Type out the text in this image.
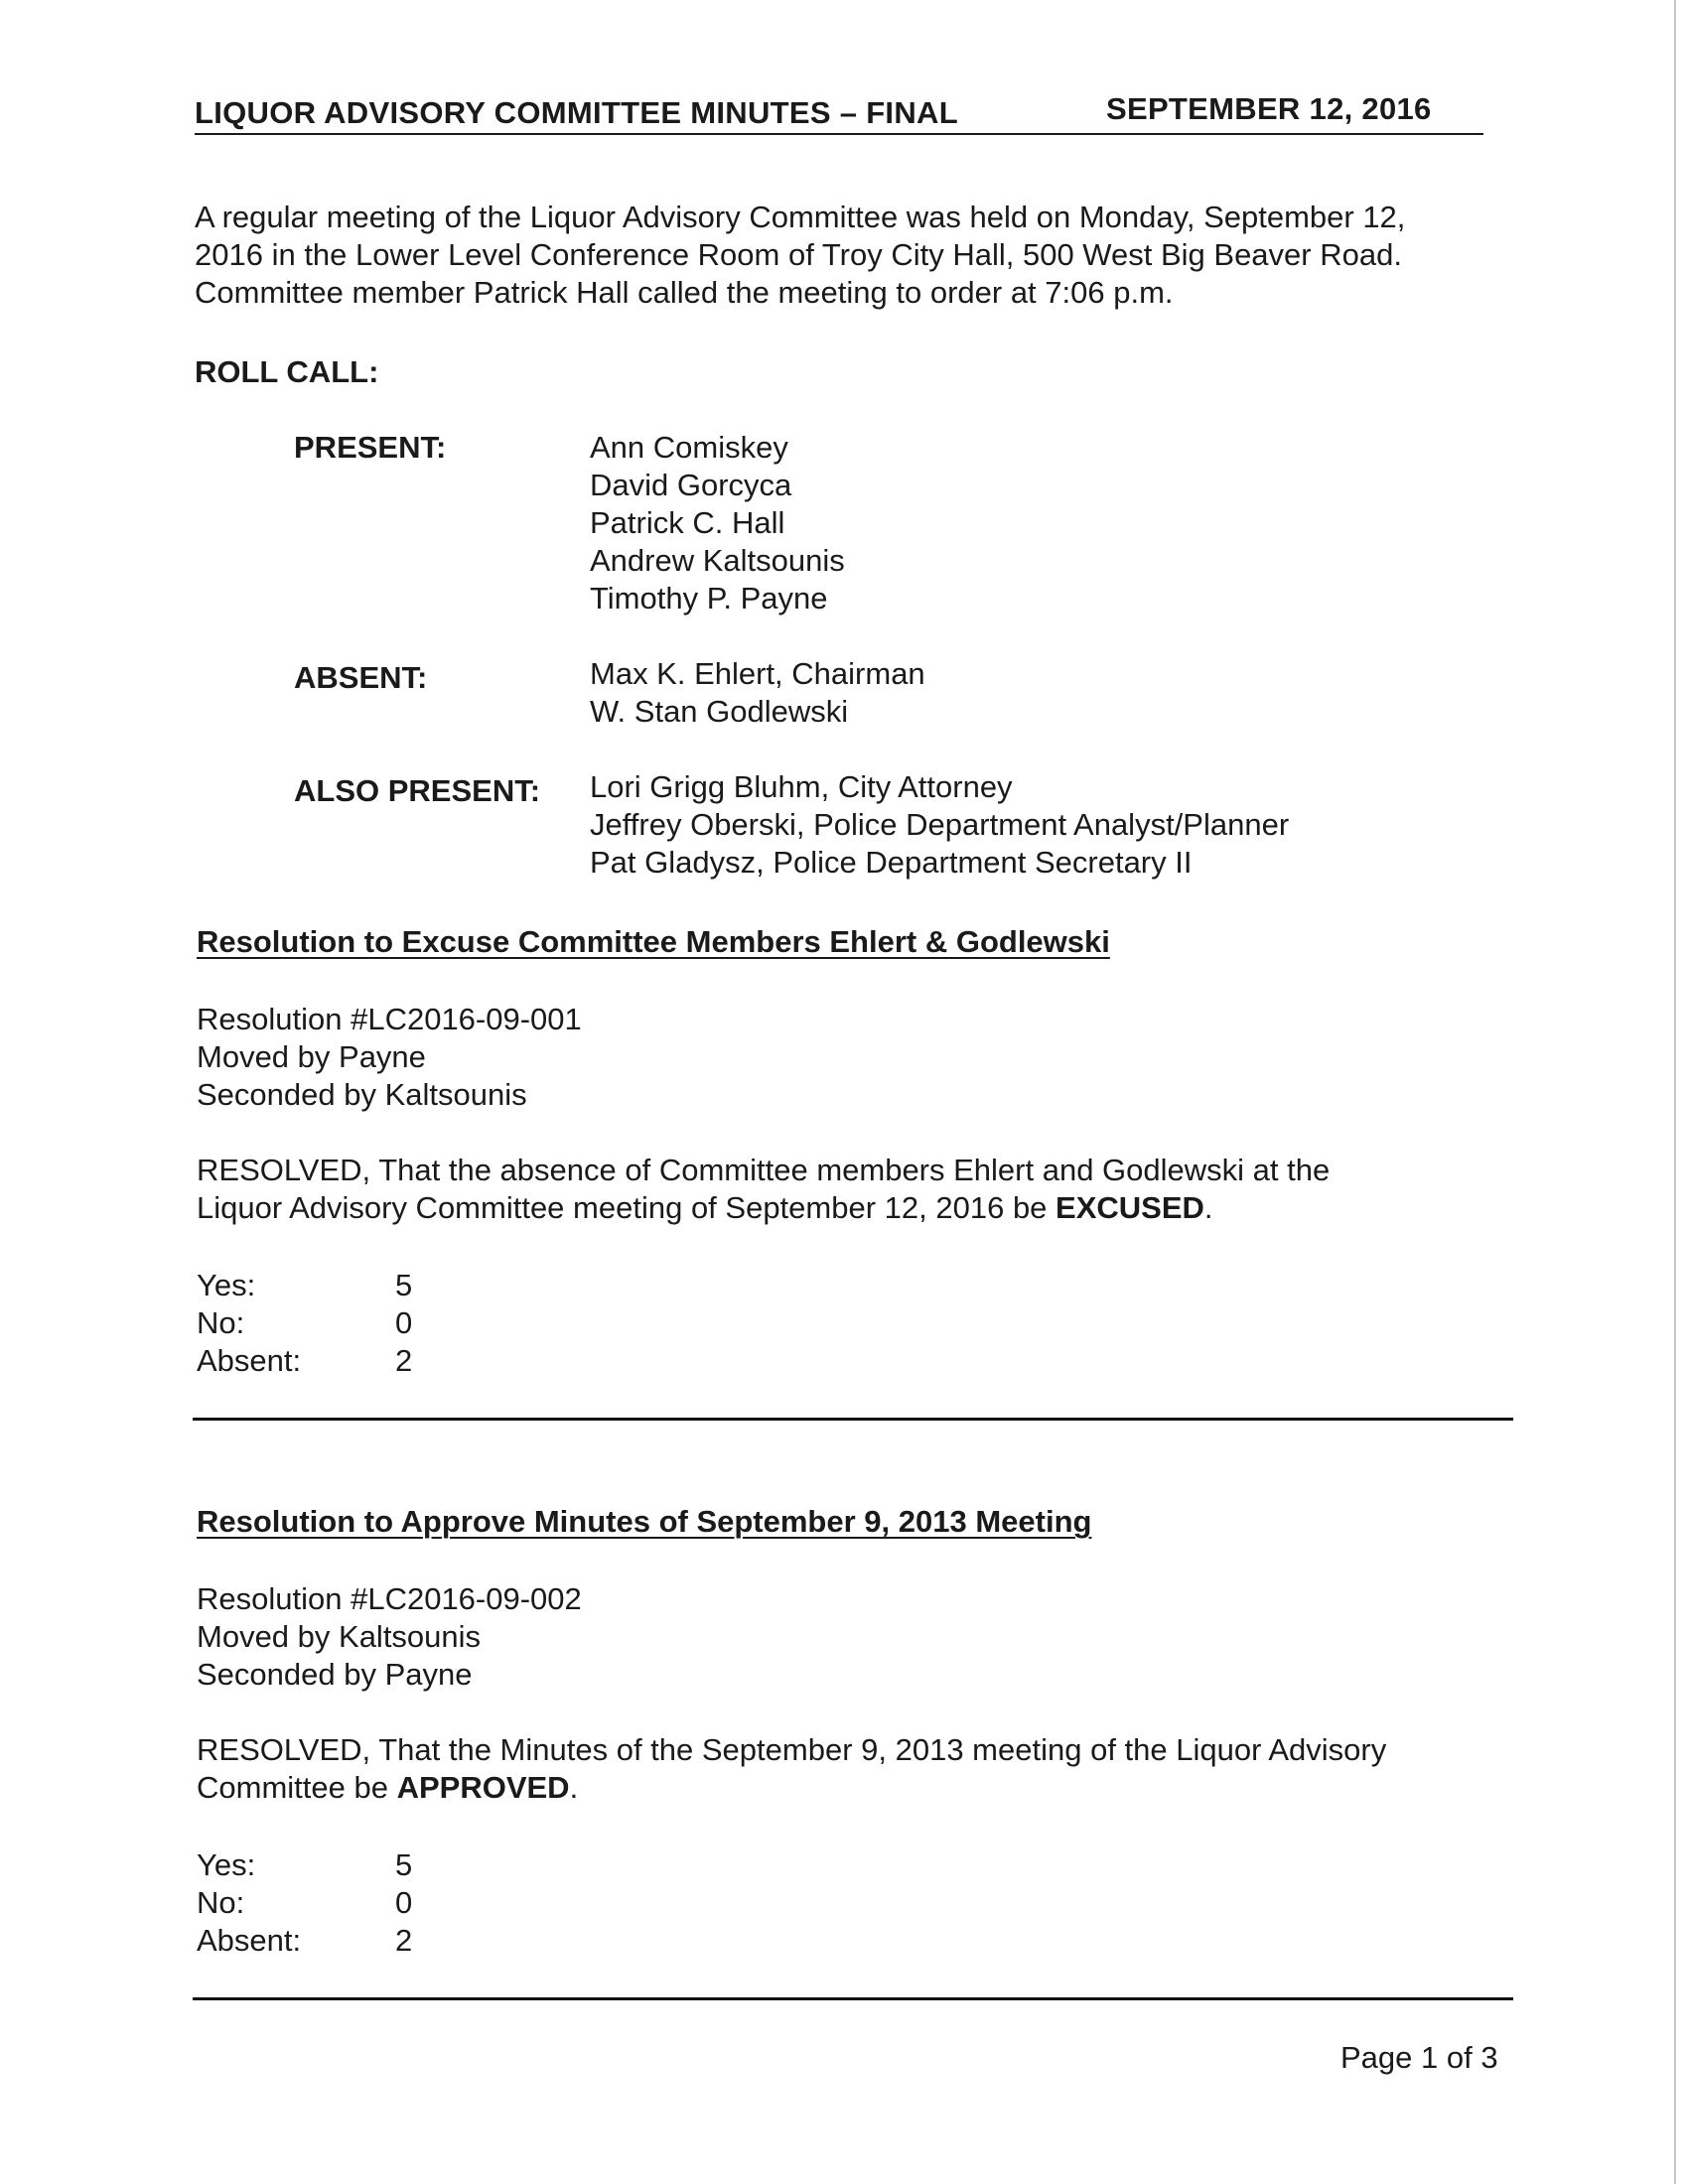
LIQUOR ADVISORY COMMITTEE MINUTES – FINAL	SEPTEMBER 12, 2016
A regular meeting of the Liquor Advisory Committee was held on Monday, September 12,
2016 in the Lower Level Conference Room of Troy City Hall, 500 West Big Beaver Road.
Committee member Patrick Hall called the meeting to order at 7:06 p.m.
ROLL CALL:
PRESENT:	Ann Comiskey
David Gorcyca
Patrick C. Hall
Andrew Kaltsounis
Timothy P. Payne
ABSENT:	Max K. Ehlert, Chairman
W. Stan Godlewski
ALSO PRESENT: Lori Grigg Bluhm, City Attorney
Jeffrey Oberski, Police Department Analyst/Planner
Pat Gladysz, Police Department Secretary II
Resolution to Excuse Committee Members Ehlert & Godlewski
Resolution #LC2016-09-001
Moved by Payne
Seconded by Kaltsounis
RESOLVED, That the absence of Committee members Ehlert and Godlewski at the
Liquor Advisory Committee meeting of September 12, 2016 be EXCUSED.
Yes:	5
No:	0
Absent:	2
Resolution to Approve Minutes of September 9, 2013 Meeting
Resolution #LC2016-09-002
Moved by Kaltsounis
Seconded by Payne
RESOLVED, That the Minutes of the September 9, 2013 meeting of the Liquor Advisory
Committee be APPROVED.
Yes:	5
No:	0
Absent:	2
Page 1 of 3
